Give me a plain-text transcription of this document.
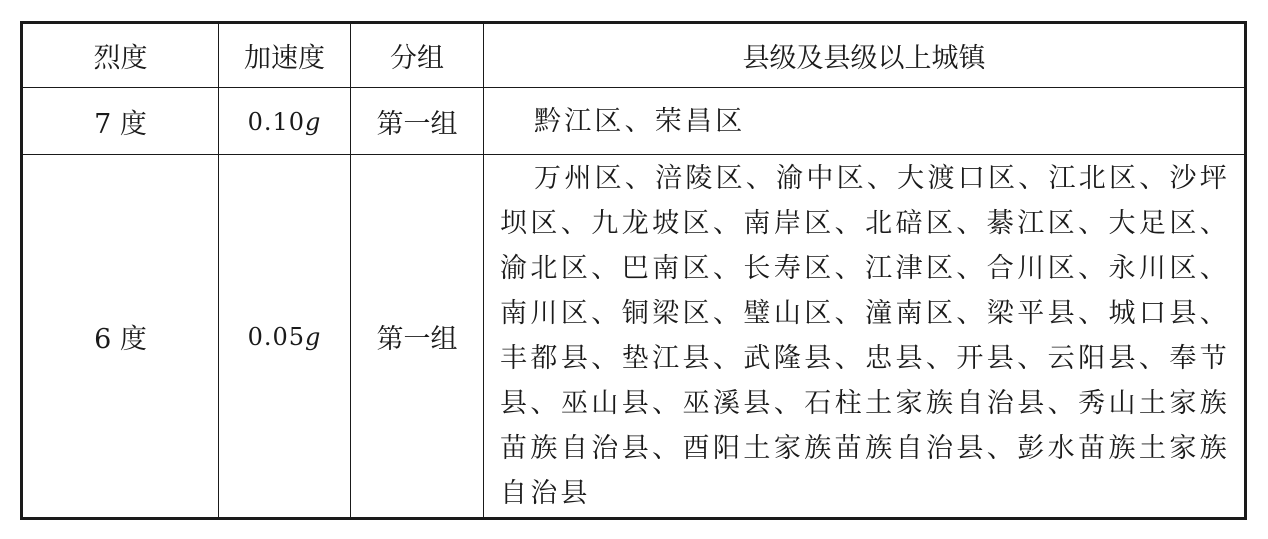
烈度	加速度	分组	县级及县级以上城镇
7 度	0.10g	第一组	黔江区、荣昌区
6 度	0.05g	第一组	万州区、涪陵区、渝中区、大渡口区、江北区、沙坪坝区、九龙坡区、南岸区、北碚区、綦江区、大足区、渝北区、巴南区、长寿区、江津区、合川区、永川区、南川区、铜梁区、璧山区、潼南区、梁平县、城口县、丰都县、垫江县、武隆县、忠县、开县、云阳县、奉节县、巫山县、巫溪县、石柱土家族自治县、秀山土家族苗族自治县、酉阳土家族苗族自治县、彭水苗族土家族自治县
